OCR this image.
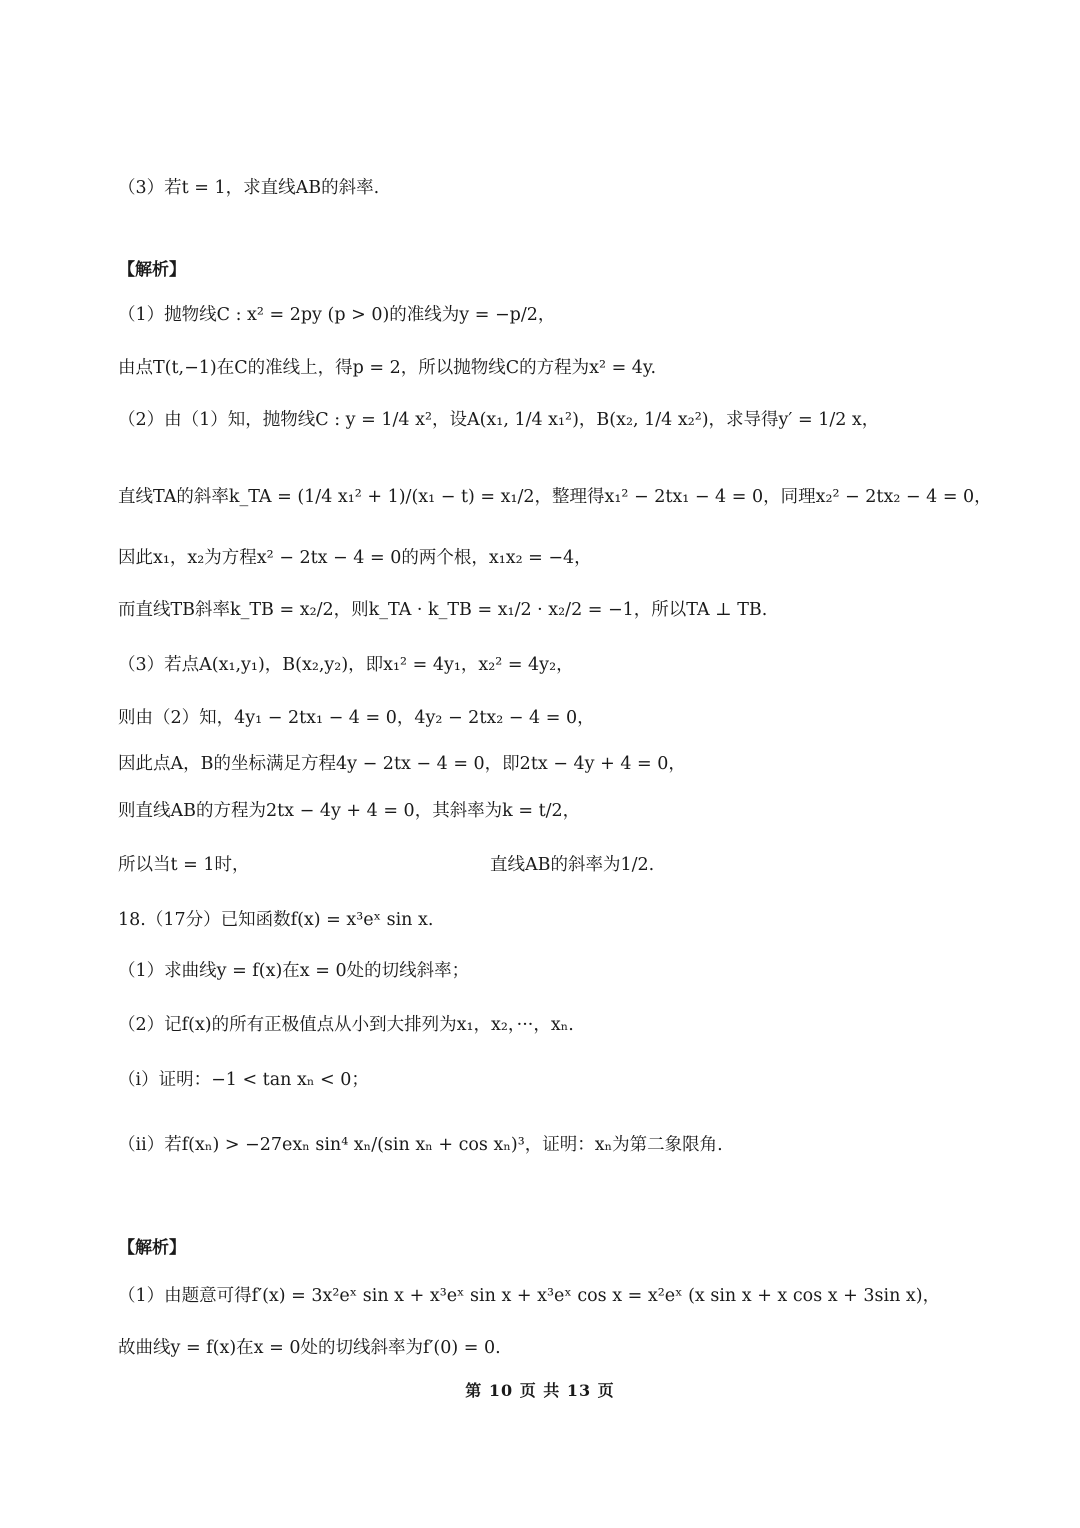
（3）若t = 1，求直线AB的斜率.
【解析】
（1）抛物线C : x² = 2py (p > 0)的准线为y = −p/2，
由点T(t,−1)在C的准线上，得p = 2，所以抛物线C的方程为x² = 4y.
（2）由（1）知，抛物线C : y = 1/4 x²，设A(x₁, 1/4 x₁²)，B(x₂, 1/4 x₂²)，求导得y′ = 1/2 x，
直线TA的斜率k_TA = (1/4 x₁² + 1)/(x₁ − t) = x₁/2，整理得x₁² − 2tx₁ − 4 = 0，同理x₂² − 2tx₂ − 4 = 0，
因此x₁，x₂为方程x² − 2tx − 4 = 0的两个根，x₁x₂ = −4，
而直线TB斜率k_TB = x₂/2，则k_TA · k_TB = x₁/2 · x₂/2 = −1，所以TA ⊥ TB.
（3）若点A(x₁,y₁)，B(x₂,y₂)，即x₁² = 4y₁，x₂² = 4y₂，
则由（2）知，4y₁ − 2tx₁ − 4 = 0，4y₂ − 2tx₂ − 4 = 0，
因此点A，B的坐标满足方程4y − 2tx − 4 = 0，即2tx − 4y + 4 = 0，
则直线AB的方程为2tx − 4y + 4 = 0，其斜率为k = t/2，
所以当t = 1时，	直线AB的斜率为1/2.
18.（17分）已知函数f(x) = x³eˣ sin x.
（1）求曲线y = f(x)在x = 0处的切线斜率；
（2）记f(x)的所有正极值点从小到大排列为x₁，x₂，···，xₙ.
（i）证明：−1 < tan xₙ < 0；
（ii）若f(xₙ) > −27exₙ sin⁴ xₙ/(sin xₙ + cos xₙ)³，证明：xₙ为第二象限角.
【解析】
（1）由题意可得f′(x) = 3x²eˣ sin x + x³eˣ sin x + x³eˣ cos x = x²eˣ (x sin x + x cos x + 3sin x)，
故曲线y = f(x)在x = 0处的切线斜率为f′(0) = 0.
第 10 页 共 13 页
